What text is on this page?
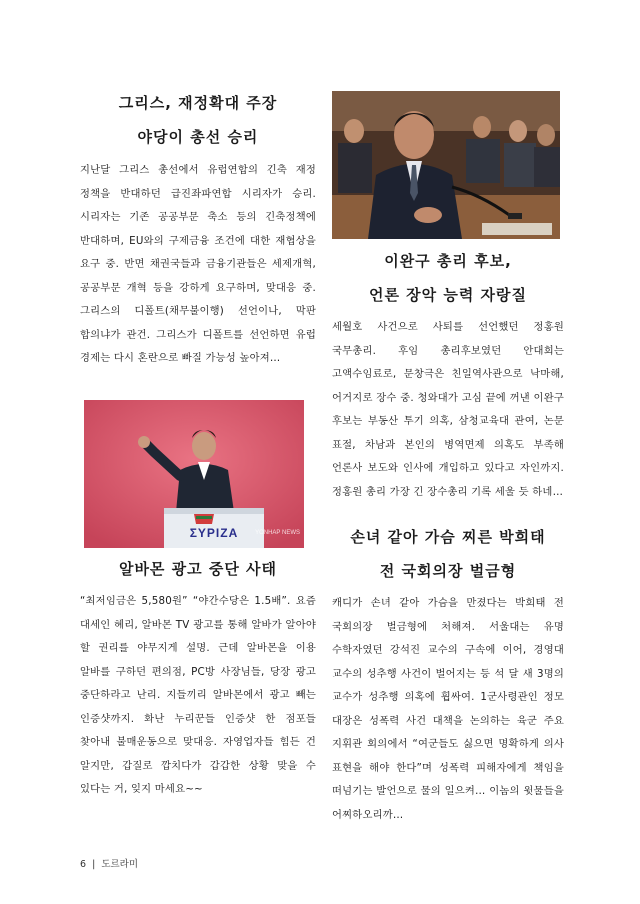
그리스, 재정확대 주장

야당이 총선 승리

지난달 그리스 총선에서 유럽연합의 긴축 재정 정책을 반대하던 급진좌파연합 시리자가 승리. 시리자는 기존 공공부문 축소 등의 긴축정책에 반대하며, EU와의 구제금융 조건에 대한 재협상을 요구 중. 반면 채권국들과 금융기관들은 세제개혁, 공공부문 개혁 등을 강하게 요구하며, 맞대응 중. 그리스의 디폴트(채무불이행) 선언이나, 막판 합의냐가 관건. 그리스가 디폴트를 선언하면 유럽 경제는 다시 혼란으로 빠질 가능성 높아져…

ΣΥΡΙΖΑ	YONHAP NEWS

알바몬 광고 중단 사태

“최저임금은 5,580원” “야간수당은 1.5배”. 요즘 대세인 혜리, 알바몬 TV 광고를 통해 알바가 알아야 할 권리를 야무지게 설명. 근데 알바몬을 이용 알바를 구하던 편의점, PC방 사장님들, 당장 광고 중단하라고 난리. 지들끼리 알바몬에서 광고 빼는 인증샷까지. 화난 누리꾼들 인증샷 한 점포들 찾아내 불매운동으로 맞대응. 자영업자들 힘든 건 알지만, 갑질로 깝치다가 갑갑한 상황 맞을 수 있다는 거, 잊지 마세요~~

이완구 총리 후보,

언론 장악 능력 자랑질

세월호 사건으로 사퇴를 선언했던 정홍원 국무총리. 후임 총리후보였던 안대희는 고액수임료로, 문창극은 친일역사관으로 낙마해, 어거지로 장수 중. 청와대가 고심 끝에 꺼낸 이완구 후보는 부동산 투기 의혹, 삼청교육대 관여, 논문 표절, 차남과 본인의 병역면제 의혹도 부족해 언론사 보도와 인사에 개입하고 있다고 자인까지. 정홍원 총리 가장 긴 장수총리 기록 세울 듯 하네…

손녀 같아 가슴 찌른 박희태

전 국회의장 벌금형

캐디가 손녀 같아 가슴을 만졌다는 박희태 전 국회의장 벌금형에 처해져. 서울대는 유명 수학자였던 강석진 교수의 구속에 이어, 경영대 교수의 성추행 사건이 벌어지는 등 석 달 새 3명의 교수가 성추행 의혹에 휩싸여. 1군사령관인 정모 대장은 성폭력 사건 대책을 논의하는 육군 주요 지휘관 회의에서 “여군들도 싫으면 명확하게 의사 표현을 해야 한다”며 성폭력 피해자에게 책임을 떠넘기는 발언으로 물의 일으켜… 이놈의 윗물들을 어찌하오리까…

6 | 도르라미
